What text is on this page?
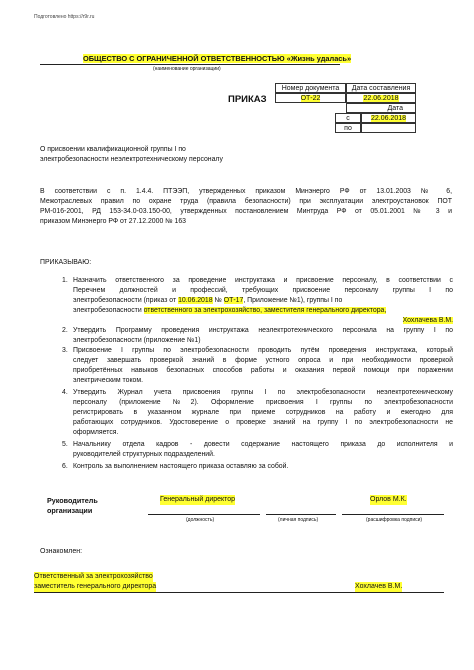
Подготовлено https://r9r.ru
ОБЩЕСТВО С ОГРАНИЧЕННОЙ ОТВЕТСТВЕННОСТЬЮ «Жизнь удалась»
(наименование организации)
Номер документа	Дата составления
ПРИКАЗ	ОТ-22	22.06.2018
Дата
с	22.06.2018
по
О присвоении квалификационной группы I по
электробезопасности неэлектротехническому персоналу
В соответствии с п. 1.4.4. ПТЭЭП, утвержденных приказом Минэнерго РФ от 13.01.2003 № 6,
Межотраслевых правил по охране труда (правила безопасности) при эксплуатации электроустановок ПОТ
РМ-016-2001, РД 153-34.0-03.150-00, утвержденных постановлением Минтруда РФ от 05.01.2001 № 3 и
приказом Минэнерго РФ от 27.12.2000 № 163
ПРИКАЗЫВАЮ:
1. Назначить ответственного за проведение инструктажа и присвоение персоналу, в соответствии с
Перечнем должностей и профессий, требующих присвоение персоналу группы I по
электробезопасности (приказ от 10.06.2018 № ОТ-17, Приложение №1), группы I по
электробезопасности ответственного за электрохозяйство, заместителя генерального директора,
Хохлачева В.М.
2. Утвердить Программу проведения инструктажа неэлектротехнического персонала на группу I по
электробезопасности (приложение №1)
3. Присвоение I группы по электробезопасности проводить путём проведения инструктажа, который
следует завершать проверкой знаний в форме устного опроса и при необходимости проверкой
приобретённых навыков безопасных способов работы и оказания первой помощи при поражении
электрическим током.
4. Утвердить Журнал учета присвоения группы I по электробезопасности неэлектротехническому
персоналу (приложение №2). Оформление присвоения I группы по электробезопасности
регистрировать в указанном журнале при приеме сотрудников на работу и ежегодно для
работающих сотрудников. Удостоверение о проверке знаний на группу I по электробезопасности не
оформляется.
5. Начальнику отдела кадров - довести содержание настоящего приказа до исполнителя и
руководителей структурных подразделений.
6. Контроль за выполнением настоящего приказа оставляю за собой.
Руководитель
организации
Генеральный директор	Орлов М.К.
(должность)	(личная подпись)	(расшифровка подписи)
Ознакомлен:
Ответственный за электрохозяйство
заместитель генерального директора	Хохлачев В.М.
